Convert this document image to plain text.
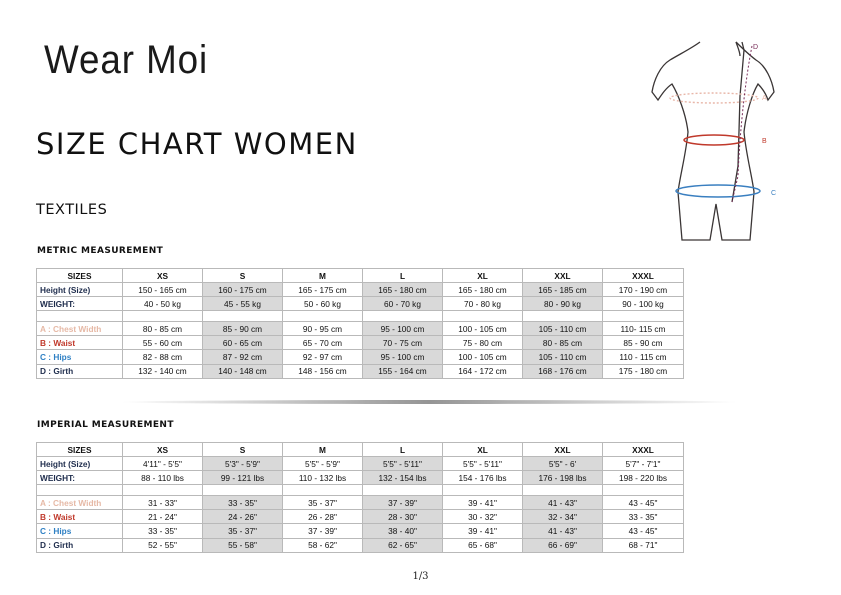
Wear Moi
SIZE CHART WOMEN
TEXTILES
D
A
B
C
METRIC MEASUREMENT
SIZES	XS	S	M	L	XL	XXL	XXXL
Height (Size)	150 - 165 cm	160 - 175 cm	165 - 175 cm	165 - 180 cm	165 - 180 cm	165 - 185 cm	170 - 190 cm
WEIGHT:	40 - 50 kg	45 - 55 kg	50 - 60 kg	60 - 70 kg	70 - 80 kg	80 - 90 kg	90 - 100 kg

A : Chest Width	80 - 85 cm	85 - 90 cm	90 - 95 cm	95 - 100 cm	100 - 105 cm	105 - 110 cm	110- 115 cm
B : Waist	55 - 60 cm	60 - 65 cm	65 - 70 cm	70 - 75 cm	75 - 80 cm	80 - 85 cm	85 - 90 cm
C : Hips	82 - 88 cm	87 - 92 cm	92 - 97 cm	95 - 100 cm	100 - 105 cm	105 - 110 cm	110 - 115 cm
D : Girth	132 - 140 cm	140 - 148 cm	148 - 156 cm	155 - 164 cm	164 - 172 cm	168 - 176 cm	175 - 180 cm
IMPERIAL MEASUREMENT
SIZES	XS	S	M	L	XL	XXL	XXXL
Height (Size)	4'11" - 5'5"	5'3" - 5'9"	5'5" - 5'9"	5'5" - 5'11"	5'5" - 5'11"	5'5" - 6'	5'7" - 7'1"
WEIGHT:	88 - 110 lbs	99 - 121 lbs	110 - 132 lbs	132 - 154 lbs	154 - 176 lbs	176 - 198 lbs	198 - 220 lbs

A : Chest Width	31 - 33"	33 - 35"	35 - 37"	37 - 39"	39 - 41"	41 - 43"	43 - 45"
B : Waist	21 - 24"	24 - 26"	26 - 28"	28 - 30"	30 - 32"	32 - 34"	33 - 35"
C : Hips	33 - 35"	35 - 37"	37 - 39"	38 - 40"	39 - 41"	41 - 43"	43 - 45"
D : Girth	52 - 55"	55 - 58"	58 - 62"	62 - 65"	65 - 68"	66 - 69"	68 - 71"
1/3
